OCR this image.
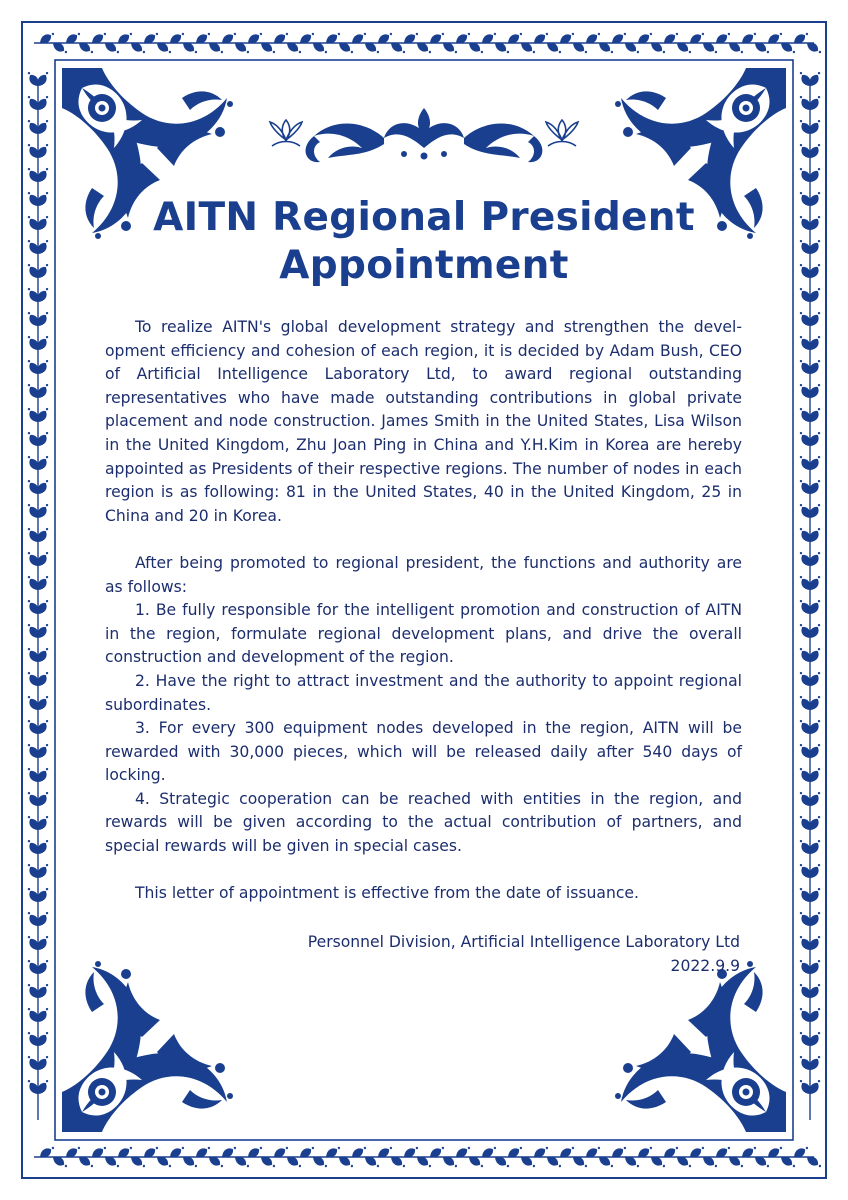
AITN Regional President
Appointment

To realize AITN's global development strategy and strengthen the development efficiency and cohesion of each region, it is decided by Adam Bush, CEO of Artificial Intelligence Laboratory Ltd, to award regional outstanding representatives who have made outstanding contributions in global private placement and node construction. James Smith in the United States, Lisa Wilson in the United Kingdom, Zhu Joan Ping in China and Y.H.Kim in Korea are hereby appointed as Presidents of their respective regions. The number of nodes in each region is as following: 81 in the United States, 40 in the United Kingdom, 25 in China and 20 in Korea.

After being promoted to regional president, the functions and authority are as follows:

1. Be fully responsible for the intelligent promotion and construction of AITN in the region, formulate regional development plans, and drive the overall construction and development of the region.

2. Have the right to attract investment and the authority to appoint regional subordinates.

3. For every 300 equipment nodes developed in the region, AITN will be rewarded with 30,000 pieces, which will be released daily after 540 days of locking.

4. Strategic cooperation can be reached with entities in the region, and rewards will be given according to the actual contribution of partners, and special rewards will be given in special cases.

This letter of appointment is effective from the date of issuance.

Personnel Division, Artificial Intelligence Laboratory Ltd
2022.9.9
